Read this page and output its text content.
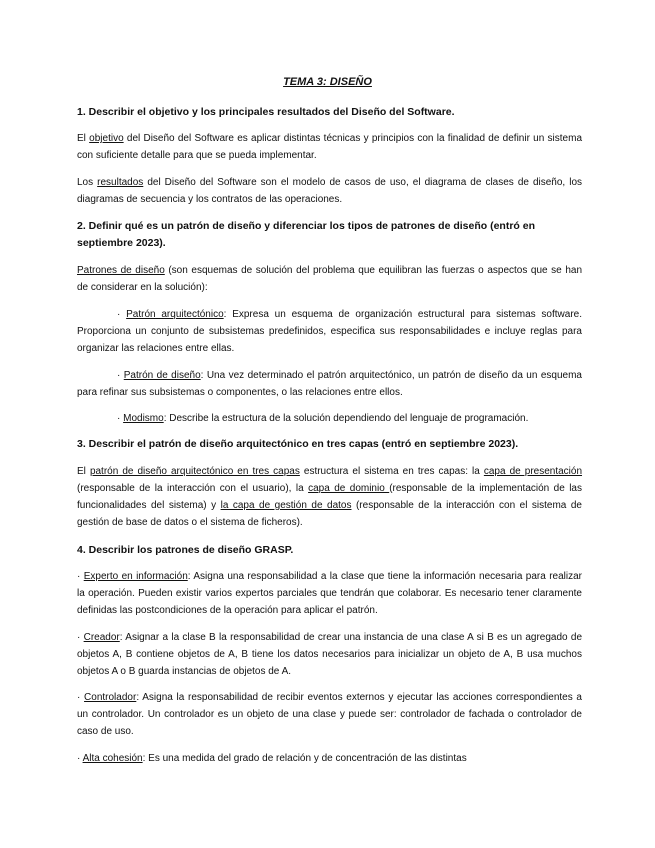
TEMA 3: DISEÑO
1. Describir el objetivo y los principales resultados del Diseño del Software.

El objetivo del Diseño del Software es aplicar distintas técnicas y principios con la finalidad de definir un sistema con suficiente detalle para que se pueda implementar.

Los resultados del Diseño del Software son el modelo de casos de uso, el diagrama de clases de diseño, los diagramas de secuencia y los contratos de las operaciones.

2. Definir qué es un patrón de diseño y diferenciar los tipos de patrones de diseño (entró en septiembre 2023).

Patrones de diseño (son esquemas de solución del problema que equilibran las fuerzas o aspectos que se han de considerar en la solución):

· Patrón arquitectónico: Expresa un esquema de organización estructural para sistemas software. Proporciona un conjunto de subsistemas predefinidos, especifica sus responsabilidades e incluye reglas para organizar las relaciones entre ellas.

· Patrón de diseño: Una vez determinado el patrón arquitectónico, un patrón de diseño da un esquema para refinar sus subsistemas o componentes, o las relaciones entre ellos.

· Modismo: Describe la estructura de la solución dependiendo del lenguaje de programación.

3. Describir el patrón de diseño arquitectónico en tres capas (entró en septiembre 2023).

El patrón de diseño arquitectónico en tres capas estructura el sistema en tres capas: la capa de presentación (responsable de la interacción con el usuario), la capa de dominio (responsable de la implementación de las funcionalidades del sistema) y la capa de gestión de datos (responsable de la interacción con el sistema de gestión de base de datos o el sistema de ficheros).

4. Describir los patrones de diseño GRASP.

· Experto en información: Asigna una responsabilidad a la clase que tiene la información necesaria para realizar la operación. Pueden existir varios expertos parciales que tendrán que colaborar. Es necesario tener claramente definidas las postcondiciones de la operación para aplicar el patrón.

· Creador: Asignar a la clase B la responsabilidad de crear una instancia de una clase A si B es un agregado de objetos A, B contiene objetos de A, B tiene los datos necesarios para inicializar un objeto de A, B usa muchos objetos A o B guarda instancias de objetos de A.

· Controlador: Asigna la responsabilidad de recibir eventos externos y ejecutar las acciones correspondientes a un controlador. Un controlador es un objeto de una clase y puede ser: controlador de fachada o controlador de caso de uso.

· Alta cohesión: Es una medida del grado de relación y de concentración de las distintas
